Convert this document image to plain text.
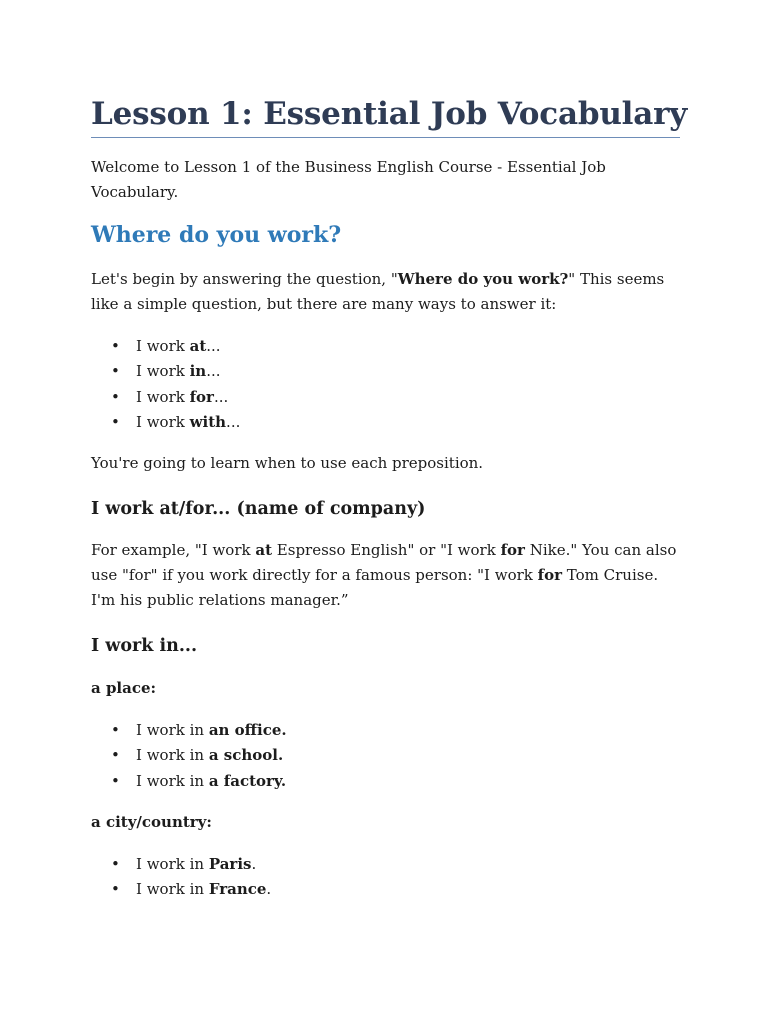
Lesson 1: Essential Job Vocabulary

Welcome to Lesson 1 of the Business English Course - Essential Job Vocabulary.

Where do you work?

Let's begin by answering the question, "Where do you work?" This seems like a simple question, but there are many ways to answer it:

• I work at...
• I work in...
• I work for...
• I work with...

You're going to learn when to use each preposition.

I work at/for... (name of company)

For example, "I work at Espresso English" or "I work for Nike." You can also use "for" if you work directly for a famous person: "I work for Tom Cruise. I'm his public relations manager.”

I work in...

a place:

• I work in an office.
• I work in a school.
• I work in a factory.

a city/country:

• I work in Paris.
• I work in France.
